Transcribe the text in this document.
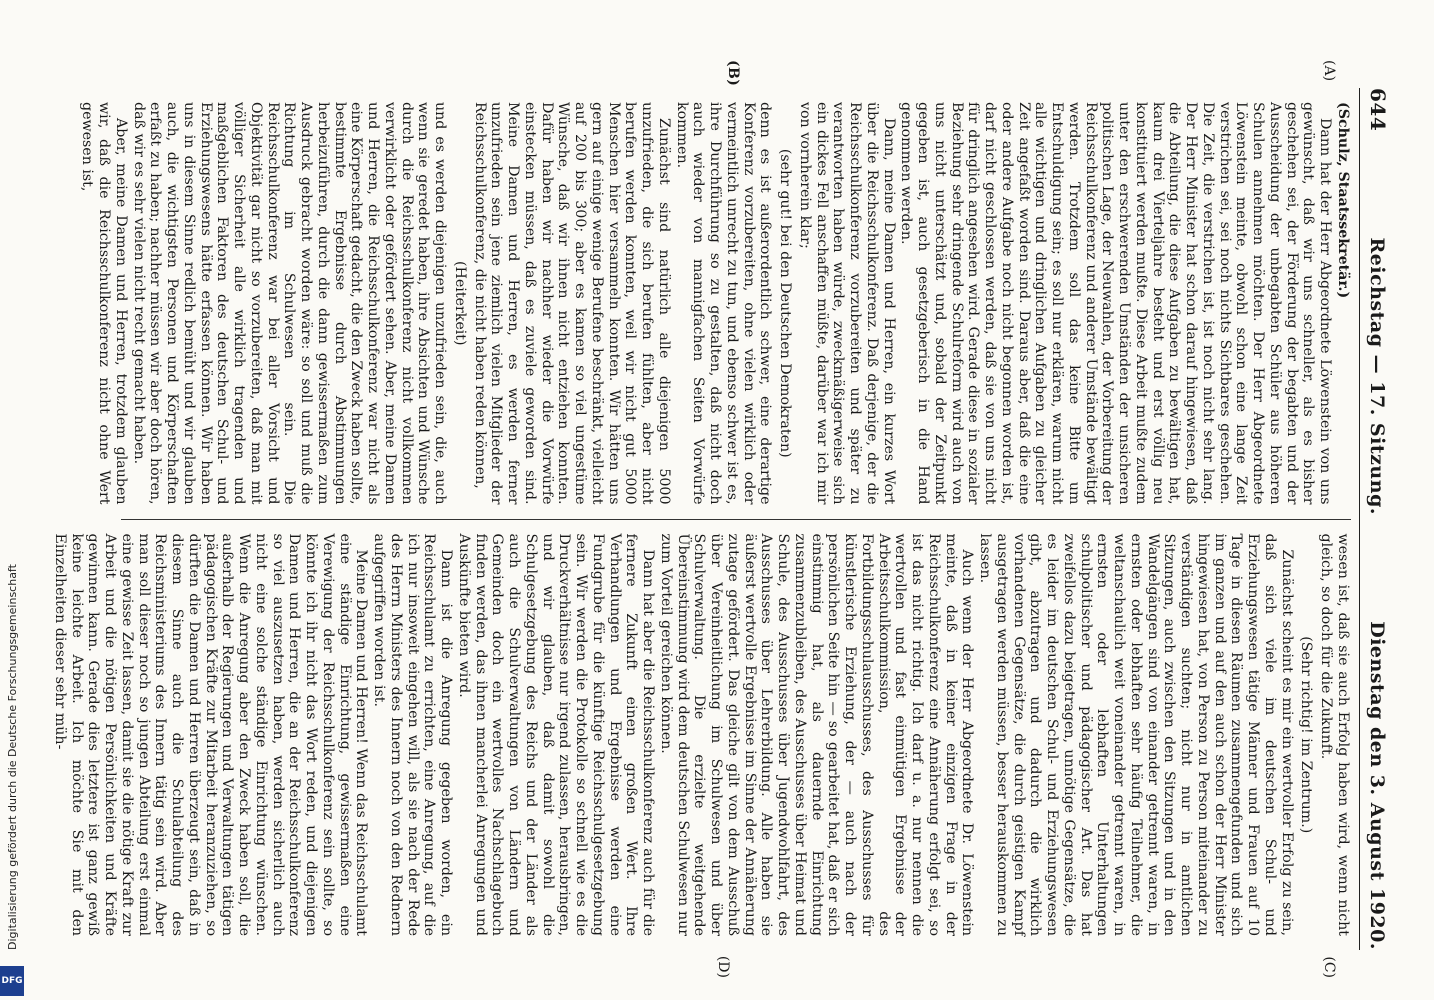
644
Reichstag — 17. Sitzung.
Dienstag den 3. August 1920.
(A)
(B)

(Schulz, Staatssekretär.)

Dann hat der Herr Abgeordnete Löwenstein von uns gewünscht, daß wir uns schneller, als es bisher geschehen sei, der Förderung der begabten und der Ausscheidung der unbegabten Schüler aus höheren Schulen annehmen möchten. Der Herr Abgeordnete Löwenstein meinte, obwohl schon eine lange Zeit verstrichen sei, sei noch nichts Sichtbares geschehen. Die Zeit, die verstrichen ist, ist noch nicht sehr lang. Der Herr Minister hat schon darauf hingewiesen, daß die Abteilung, die diese Aufgaben zu bewältigen hat, kaum drei Vierteljahre besteht und erst völlig neu konstituiert werden mußte. Diese Arbeit mußte zudem unter den erschwerenden Umständen der unsicheren politischen Lage, der Neuwahlen, der Vorbereitung der Reichsschulkonferenz und anderer Umstände bewältigt werden. Trotzdem soll das keine Bitte um Entschuldigung sein; es soll nur erklären, warum nicht alle wichtigen und dringlichen Aufgaben zu gleicher Zeit angefaßt worden sind. Daraus aber, daß die eine oder andere Aufgabe noch nicht begonnen worden ist, darf nicht geschlossen werden, daß sie von uns nicht für dringlich angesehen wird. Gerade diese in sozialer Beziehung sehr dringende Schulreform wird auch von uns nicht unterschätzt und, sobald der Zeitpunkt gegeben ist, auch gesetzgeberisch in die Hand genommen werden.

Dann, meine Damen und Herren, ein kurzes Wort über die Reichsschulkonferenz. Daß derjenige, der die Reichsschulkonferenz vorzubereiten und später zu verantworten haben würde, zweckmäßigerweise sich ein dickes Fell anschaffen müßte, darüber war ich mir von vornherein klar;

(sehr gut! bei den Deutschen Demokraten)

denn es ist außerordentlich schwer, eine derartige Konferenz vorzubereiten, ohne vielen wirklich oder vermeintlich unrecht zu tun, und ebenso schwer ist es, ihre Durchführung so zu gestalten, daß nicht doch auch wieder von mannigfachen Seiten Vorwürfe kommen.

Zunächst sind natürlich alle diejenigen 5000 unzufrieden, die sich berufen fühlten, aber nicht berufen werden konnten, weil wir nicht gut 5000 Menschen hier versammeln konnten. Wir hätten uns gern auf einige wenige Berufene beschränkt, vielleicht auf 200 bis 300; aber es kamen so viel ungestüme Wünsche, daß wir ihnen nicht entziehen konnten. Dafür haben wir nachher wieder die Vorwürfe einstecken müssen, daß es zuviele geworden sind. Meine Damen und Herren, es werden ferner unzufrieden sein jene ziemlich vielen Mitglieder der Reichsschulkonferenz, die nicht haben reden können,

(Heiterkeit)

und es werden diejenigen unzufrieden sein, die, auch wenn sie geredet haben, ihre Absichten und Wünsche durch die Reichsschulkonferenz nicht vollkommen verwirklicht oder gefördert sehen. Aber, meine Damen und Herren, die Reichsschulkonferenz war nicht als eine Körperschaft gedacht, die den Zweck haben sollte, bestimmte Ergebnisse durch Abstimmungen herbeizuführen, durch die dann gewissermaßen zum Ausdruck gebracht worden wäre: so soll und muß die Richtung im Schulwesen sein. Die Reichsschulkonferenz war bei aller Vorsicht und Objektivität gar nicht so vorzubereiten, daß man mit völliger Sicherheit alle wirklich tragenden und maßgeblichen Faktoren des deutschen Schul- und Erziehungswesens hätte erfassen können. Wir haben uns in diesem Sinne redlich bemüht und wir glauben auch, die wichtigsten Personen und Körperschaften erfaßt zu haben; nachher müssen wir aber doch hören, daß wir es sehr vielen nicht recht gemacht haben.

Aber, meine Damen und Herren, trotzdem glauben wir, daß die Reichsschulkonferenz nicht ohne Wert gewesen ist,

(C)
(D)

wesen ist, daß sie auch Erfolg haben wird, wenn nicht gleich, so doch für die Zukunft.

(Sehr richtig! im Zentrum.)

Zunächst scheint es mir ein wertvoller Erfolg zu sein, daß sich viele im deutschen Schul- und Erziehungswesen tätige Männer und Frauen auf 10 Tage in diesen Räumen zusammengefunden und sich im ganzen und auf den auch schon der Herr Minister hingewiesen hat, von Person zu Person miteinander zu verständigen suchten; nicht nur in amtlichen Sitzungen, auch zwischen den Sitzungen und in den Wandelgängen sind von einander getrennt waren, in ernsten oder lebhaften sehr häufig Teilnehmer, die weltanschaulich weit voneinander getrennt waren, in ernsten oder lebhaften Unterhaltungen schulpolitischer und pädagogischer Art. Das hat zweifellos dazu beigetragen, unnötige Gegensätze, die es leider im deutschen Schul- und Erziehungswesen gibt, abzutragen und dadurch die wirklich vorhandenen Gegensätze, die durch geistigen Kampf ausgetragen werden müssen, besser herauskommen zu lassen.

Auch wenn der Herr Abgeordnete Dr. Löwenstein meinte, daß in keiner einzigen Frage in der Reichsschulkonferenz eine Annäherung erfolgt sei, so ist das nicht richtig. Ich darf u. a. nur nennen die wertvollen und fast einmütigen Ergebnisse der Arbeitsschulkommission, des Fortbildungsschulausschusses, des Ausschusses für künstlerische Erziehung, der — auch nach der persönlichen Seite hin — so gearbeitet hat, daß er sich einstimmig hat, als dauernde Einrichtung zusammenzubleiben, des Ausschusses über Heimat und Schule, des Ausschusses über Jugendwohlfahrt, des Ausschusses über Lehrerbildung. Alle haben sie äußerst wertvolle Ergebnisse im Sinne der Annäherung zutage gefördert. Das gleiche gilt von dem Ausschuß über Vereinheitlichung im Schulwesen und über Schulverwaltung. Die erzielte weitgehende Übereinstimmung wird dem deutschen Schulwesen nur zum Vorteil gereichen können.

Dann hat aber die Reichsschulkonferenz auch für die fernere Zukunft einen großen Wert. Ihre Verhandlungen und Ergebnisse werden eine Fundgrube für die künftige Reichsschulgesetzgebung sein. Wir werden die Protokolle so schnell wie es die Druckverhältnisse nur irgend zulassen, herausbringen, und wir glauben, daß damit sowohl die Schulgesetzgebung des Reichs und der Länder als auch die Schulverwaltungen von Ländern und Gemeinden doch ein wertvolles Nachschlagebuch finden werden, das ihnen mancherlei Anregungen und Auskünfte bieten wird.

Dann ist die Anregung gegeben worden, ein Reichsschulamt zu errichten, eine Anregung, auf die ich nur insoweit eingehen will, als sie nach der Rede des Herrn Ministers des Innern noch von den Rednern aufgegriffen worden ist.

Meine Damen und Herren! Wenn das Reichsschulamt eine ständige Einrichtung, gewissermaßen eine Verewigung der Reichsschulkonferenz sein sollte, so könnte ich ihr nicht das Wort reden, und diejenigen Damen und Herren, die an der Reichsschulkonferenz so viel auszusetzen haben, werden sicherlich auch nicht eine solche ständige Einrichtung wünschen. Wenn die Anregung aber den Zweck haben soll, die außerhalb der Regierungen und Verwaltungen tätigen pädagogischen Kräfte zur Mitarbeit heranzuziehen, so dürften die Damen und Herren überzeugt sein, daß in diesem Sinne auch die Schulabteilung des Reichsministeriums des Innern tätig sein wird. Aber man soll dieser noch so jungen Abteilung erst einmal eine gewisse Zeit lassen, damit sie die nötige Kraft zur Arbeit und die nötigen Persönlichkeiten und Kräfte gewinnen kann. Gerade dies letztere ist ganz gewiß keine leichte Arbeit. Ich möchte Sie mit den Einzelheiten dieser sehr müh-

Digitalisierung gefördert durch die Deutsche Forschungsgemeinschaft
DFG
